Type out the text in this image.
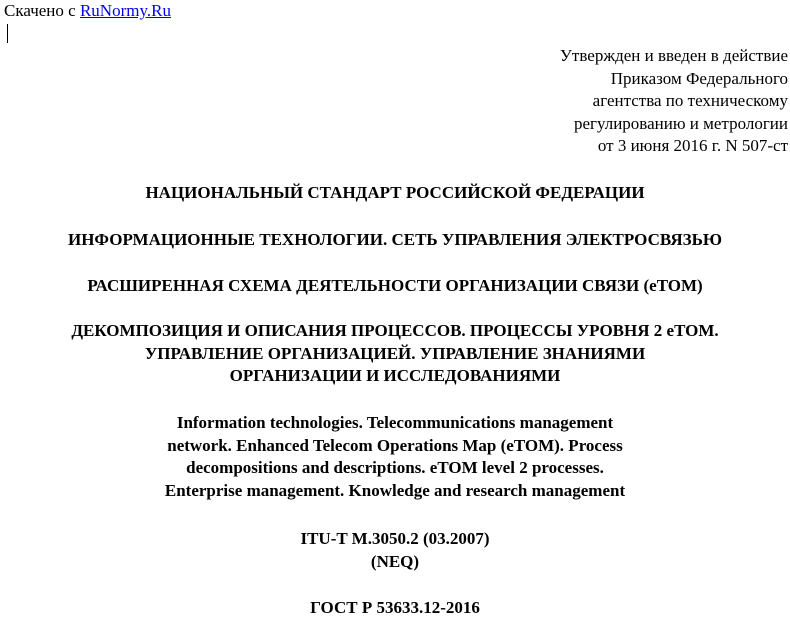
Скачено с RuNormy.Ru
Утвержден и введен в действие
Приказом Федерального
агентства по техническому
регулированию и метрологии
от 3 июня 2016 г. N 507-ст
НАЦИОНАЛЬНЫЙ СТАНДАРТ РОССИЙСКОЙ ФЕДЕРАЦИИ
ИНФОРМАЦИОННЫЕ ТЕХНОЛОГИИ. СЕТЬ УПРАВЛЕНИЯ ЭЛЕКТРОСВЯЗЬЮ
РАСШИРЕННАЯ СХЕМА ДЕЯТЕЛЬНОСТИ ОРГАНИЗАЦИИ СВЯЗИ (eTOM)
ДЕКОМПОЗИЦИЯ И ОПИСАНИЯ ПРОЦЕССОВ. ПРОЦЕССЫ УРОВНЯ 2 eTOM.
УПРАВЛЕНИЕ ОРГАНИЗАЦИЕЙ. УПРАВЛЕНИЕ ЗНАНИЯМИ
ОРГАНИЗАЦИИ И ИССЛЕДОВАНИЯМИ
Information technologies. Telecommunications management
network. Enhanced Telecom Operations Map (eTOM). Process
decompositions and descriptions. eTOM level 2 processes.
Enterprise management. Knowledge and research management
ITU-T M.3050.2 (03.2007)
(NEQ)
ГОСТ Р 53633.12-2016
